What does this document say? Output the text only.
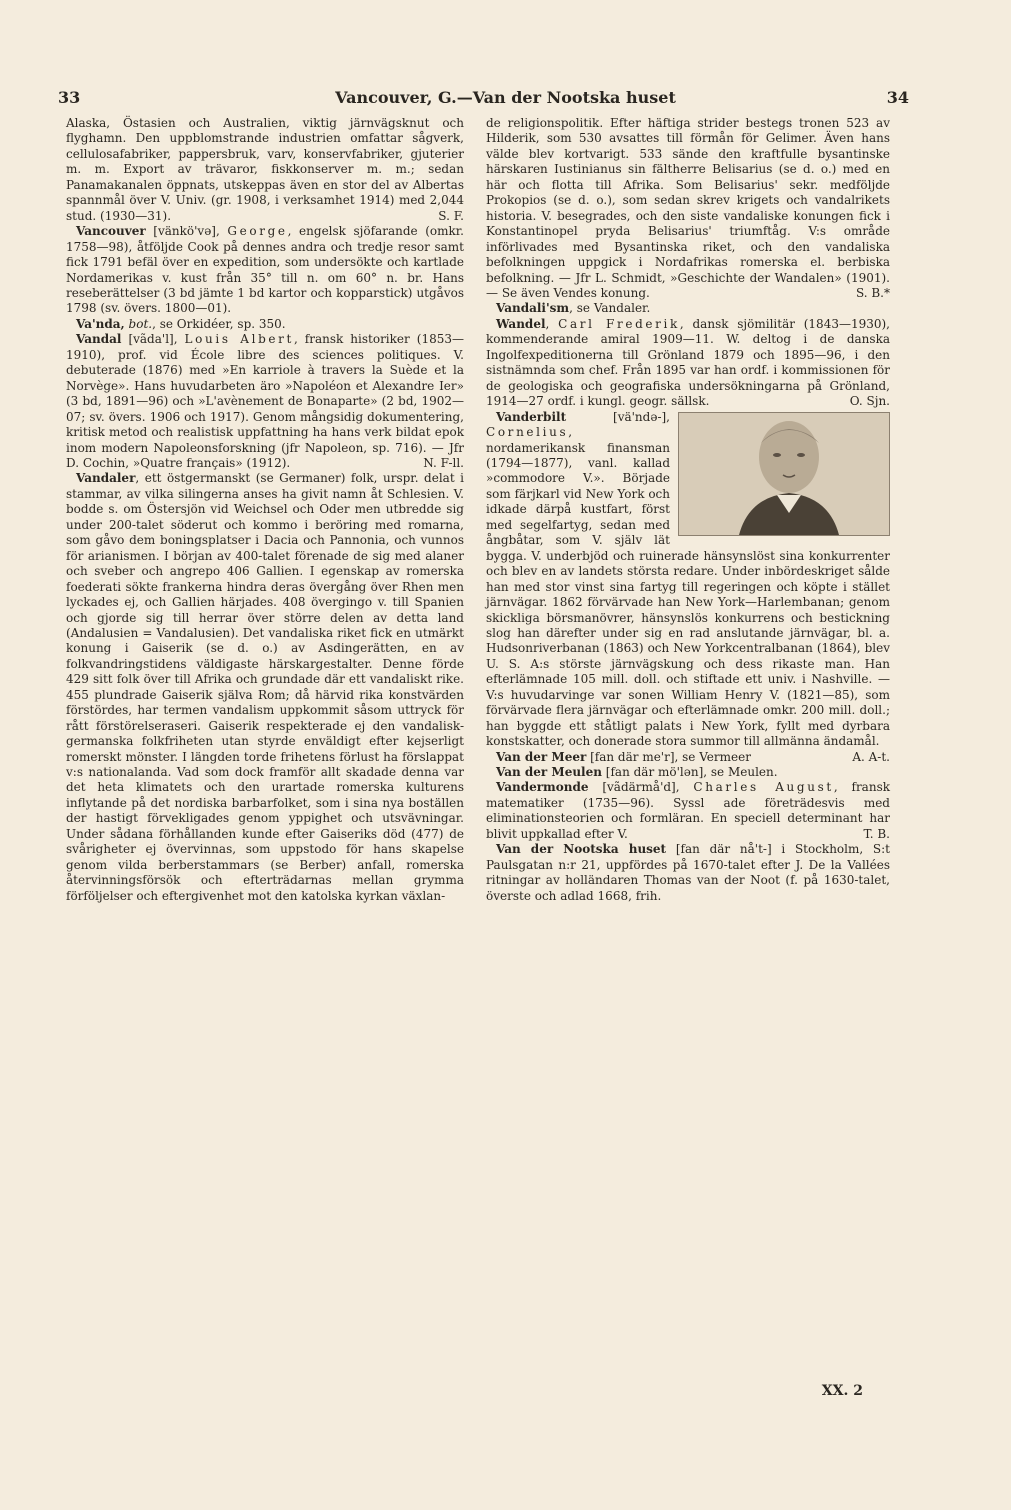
Vancouver, G.—Van der Nootska huset
33	34

Alaska, Östasien och Australien, viktig järnvägsknut och flyghamn. Den uppblomstrande industrien omfattar sågverk, cellulosafabriker, pappersbruk, varv, konservfabriker, gjuterier m. m. Export av trävaror, fiskkonserver m. m.; sedan Panamakanalen öppnats, utskeppas även en stor del av Albertas spannmål över V. Univ. (gr. 1908, i verksamhet 1914) med 2,044 stud. (1930—31).	S. F.

Vancouver [vänkö'və], George, engelsk sjöfarande (omkr. 1758—98), åtföljde Cook på dennes andra och tredje resor samt fick 1791 befäl över en expedition, som undersökte och kartlade Nordamerikas v. kust från 35° till n. om 60° n. br. Hans reseberättelser (3 bd jämte 1 bd kartor och kopparstick) utgåvos 1798 (sv. övers. 1800—01).

Va'nda, bot., se Orkidéer, sp. 350.

Vandal [vãda'l], Louis Albert, fransk historiker (1853—1910), prof. vid École libre des sciences politiques. V. debuterade (1876) med »En karriole à travers la Suède et la Norvège». Hans huvudarbeten äro »Napoléon et Alexandre Ier» (3 bd, 1891—96) och »L'avènement de Bonaparte» (2 bd, 1902—07; sv. övers. 1906 och 1917). Genom mångsidig dokumentering, kritisk metod och realistisk uppfattning ha hans verk bildat epok inom modern Napoleonsforskning (jfr Napoleon, sp. 716). — Jfr D. Cochin, »Quatre français» (1912).	N. F-ll.

Vandaler, ett östgermanskt (se Germaner) folk, urspr. delat i stammar, av vilka silingerna anses ha givit namn åt Schlesien. V. bodde s. om Östersjön vid Weichsel och Oder men utbredde sig under 200-talet söderut och kommo i beröring med romarna, som gåvo dem boningsplatser i Dacia och Pannonia, och vunnos för arianismen. I början av 400-talet förenade de sig med alaner och sveber och angrepo 406 Gallien. I egenskap av romerska foederati sökte frankerna hindra deras övergång över Rhen men lyckades ej, och Gallien härjades. 408 övergingo v. till Spanien och gjorde sig till herrar över större delen av detta land (Andalusien = Vandalusien). Det vandaliska riket fick en utmärkt konung i Gaiserik (se d. o.) av Asdingerätten, en av folkvandringstidens väldigaste härskargestalter. Denne förde 429 sitt folk över till Afrika och grundade där ett vandaliskt rike. 455 plundrade Gaiserik själva Rom; då härvid rika konstvärden förstördes, har termen vandalism uppkommit såsom uttryck för rått förstörelseraseri. Gaiserik respekterade ej den vandalisk-germanska folkfriheten utan styrde enväldigt efter kejserligt romerskt mönster. I längden torde frihetens förlust ha förslappat v:s nationalanda. Vad som dock framför allt skadade denna var det heta klimatets och den urartade romerska kulturens inflytande på det nordiska barbarfolket, som i sina nya boställen der hastigt förvekligades genom yppighet och utsvävningar. Under sådana förhållanden kunde efter Gaiseriks död (477) de svårigheter ej övervinnas, som uppstodo för hans skapelse genom vilda berberstammars (se Berber) anfall, romerska återvinningsförsök och efterträdarnas mellan grymma förföljelser och eftergivenhet mot den katolska kyrkan växlan-

de religionspolitik. Efter häftiga strider bestegs tronen 523 av Hilderik, som 530 avsattes till förmån för Gelimer. Även hans välde blev kortvarigt. 533 sände den kraftfulle bysantinske härskaren Iustinianus sin fältherre Belisarius (se d. o.) med en här och flotta till Afrika. Som Belisarius' sekr. medföljde Prokopios (se d. o.), som sedan skrev krigets och vandalrikets historia. V. besegrades, och den siste vandaliske konungen fick i Konstantinopel pryda Belisarius' triumftåg. V:s område införlivades med Bysantinska riket, och den vandaliska befolkningen uppgick i Nordafrikas romerska el. berbiska befolkning. — Jfr L. Schmidt, »Geschichte der Wandalen» (1901). — Se även Vendes konung.	S. B.*

Vandali'sm, se Vandaler.

Wandel, Carl Frederik, dansk sjömilitär (1843—1930), kommenderande amiral 1909—11. W. deltog i de danska Ingolfexpeditionerna till Grönland 1879 och 1895—96, i den sistnämnda som chef. Från 1895 var han ordf. i kommissionen för de geologiska och geografiska undersökningarna på Grönland, 1914—27 ordf. i kungl. geogr. sällsk.	O. Sjn.

Vanderbilt [vä'ndə-], Cornelius, nordamerikansk finansman (1794—1877), vanl. kallad »commodore V.». Började som färjkarl vid New York och idkade därpå kustfart, först med segelfartyg, sedan med ångbåtar, som V. själv lät bygga. V. underbjöd och ruinerade hänsynslöst sina konkurrenter och blev en av landets största redare. Under inbördeskriget sålde han med stor vinst sina fartyg till regeringen och köpte i stället järnvägar. 1862 förvärvade han New York—Harlembanan; genom skickliga börsmanövrer, hänsynslös konkurrens och bestickning slog han därefter under sig en rad anslutande järnvägar, bl. a. Hudsonriverbanan (1863) och New Yorkcentralbanan (1864), blev U. S. A:s störste järnvägskung och dess rikaste man. Han efterlämnade 105 mill. doll. och stiftade ett univ. i Nashville. — V:s huvudarvinge var sonen William Henry V. (1821—85), som förvärvade flera järnvägar och efterlämnade omkr. 200 mill. doll.; han byggde ett ståtligt palats i New York, fyllt med dyrbara konstskatter, och donerade stora summor till allmänna ändamål.
A. A-t.

Van der Meer [fan där me'r], se Vermeer

Van der Meulen [fan där mö'lən], se Meulen.

Vandermonde [vãdärmå'd], Charles August, fransk matematiker (1735—96). Syssl ade företrädesvis med eliminationsteorien och formläran. En speciell determinant har blivit uppkallad efter V.	T. B.

Van der Nootska huset [fan där nå't-] i Stockholm, S:t Paulsgatan n:r 21, uppfördes på 1670-talet efter J. De la Vallées ritningar av holländaren Thomas van der Noot (f. på 1630-talet, överste och adlad 1668, frih.

XX. 2
